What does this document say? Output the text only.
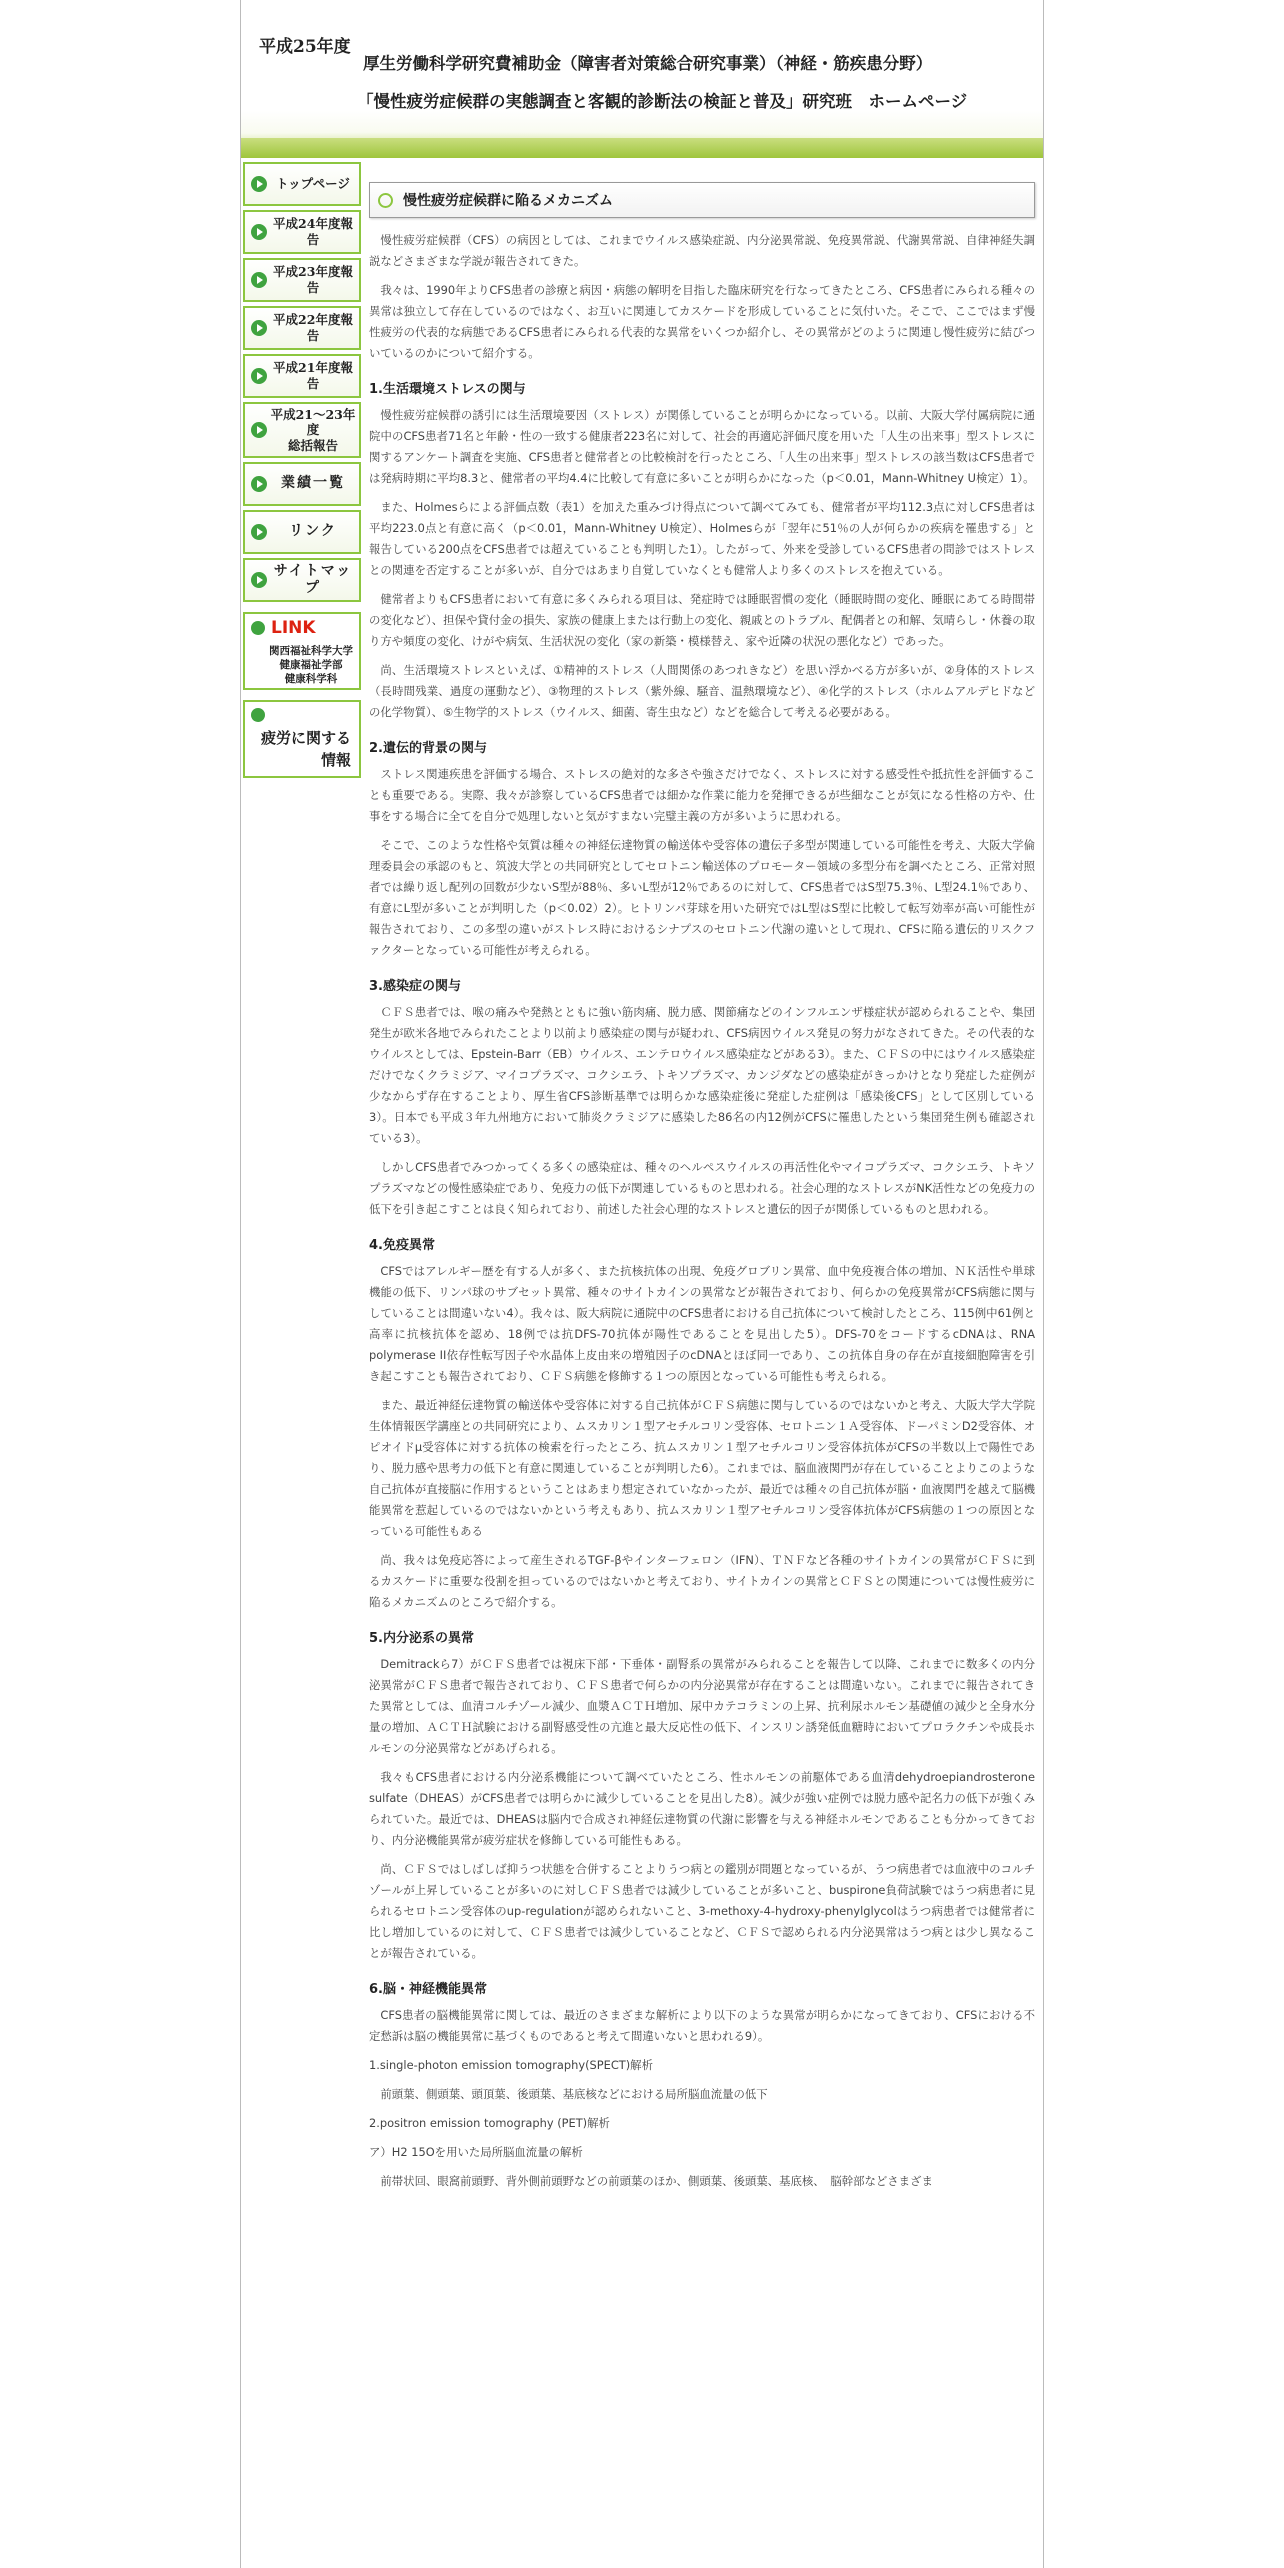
平成25年度
厚生労働科学研究費補助金（障害者対策総合研究事業）（神経・筋疾患分野）
「慢性疲労症候群の実態調査と客観的診断法の検証と普及」研究班　ホームページ
トップページ
平成24年度報告
平成23年度報告
平成22年度報告
平成21年度報告
平成21～23年度
総括報告
業績一覧
リンク
サイトマップ
LINK
関西福祉科学大学
健康福祉学部
健康科学科
疲労に関する
情報
慢性疲労症候群に陥るメカニズム

慢性疲労症候群（CFS）の病因としては、これまでウイルス感染症説、内分泌異常説、免疫異常説、代謝異常説、自律神経失調説などさまざまな学説が報告されてきた。

我々は、1990年よりCFS患者の診療と病因・病態の解明を目指した臨床研究を行なってきたところ、CFS患者にみられる種々の異常は独立して存在しているのではなく、お互いに関連してカスケードを形成していることに気付いた。そこで、ここではまず慢性疲労の代表的な病態であるCFS患者にみられる代表的な異常をいくつか紹介し、その異常がどのように関連し慢性疲労に結びついているのかについて紹介する。

1.生活環境ストレスの関与

慢性疲労症候群の誘引には生活環境要因（ストレス）が関係していることが明らかになっている。以前、大阪大学付属病院に通院中のCFS患者71名と年齢・性の一致する健康者223名に対して、社会的再適応評価尺度を用いた「人生の出来事」型ストレスに関するアンケート調査を実施、CFS患者と健常者との比較検討を行ったところ、「人生の出来事」型ストレスの該当数はCFS患者では発病時期に平均8.3と、健常者の平均4.4に比較して有意に多いことが明らかになった（p＜0.01，Mann-Whitney U検定）1）。

また、Holmesらによる評価点数（表1）を加えた重みづけ得点について調べてみても、健常者が平均112.3点に対しCFS患者は平均223.0点と有意に高く（p＜0.01，Mann-Whitney U検定）、Holmesらが「翌年に51％の人が何らかの疾病を罹患する」と報告している200点をCFS患者では超えていることも判明した1）。したがって、外来を受診しているCFS患者の問診ではストレスとの関連を否定することが多いが、自分ではあまり自覚していなくとも健常人より多くのストレスを抱えている。

健常者よりもCFS患者において有意に多くみられる項目は、発症時では睡眠習慣の変化（睡眠時間の変化、睡眠にあてる時間帯の変化など）、担保や貸付金の損失、家族の健康上または行動上の変化、親戚とのトラブル、配偶者との和解、気晴らし・休養の取り方や頻度の変化、けがや病気、生活状況の変化（家の新築・模様替え、家や近隣の状況の悪化など）であった。

尚、生活環境ストレスといえば、①精神的ストレス（人間関係のあつれきなど）を思い浮かべる方が多いが、②身体的ストレス（長時間残業、過度の運動など）、③物理的ストレス（紫外線、騒音、温熱環境など）、④化学的ストレス（ホルムアルデヒドなどの化学物質）、⑤生物学的ストレス（ウイルス、細菌、寄生虫など）などを総合して考える必要がある。

2.遺伝的背景の関与

ストレス関連疾患を評価する場合、ストレスの絶対的な多さや強さだけでなく、ストレスに対する感受性や抵抗性を評価することも重要である。実際、我々が診察しているCFS患者では細かな作業に能力を発揮できるが些細なことが気になる性格の方や、仕事をする場合に全てを自分で処理しないと気がすまない完璧主義の方が多いように思われる。

そこで、このような性格や気質は種々の神経伝達物質の輸送体や受容体の遺伝子多型が関連している可能性を考え、大阪大学倫理委員会の承認のもと、筑波大学との共同研究としてセロトニン輸送体のプロモーター領域の多型分布を調べたところ、正常対照者では繰り返し配列の回数が少ないS型が88％、多いL型が12％であるのに対して、CFS患者ではS型75.3％、L型24.1％であり、有意にL型が多いことが判明した（p＜0.02）2）。ヒトリンパ芽球を用いた研究ではL型はS型に比較して転写効率が高い可能性が報告されており、この多型の違いがストレス時におけるシナプスのセロトニン代謝の違いとして現れ、CFSに陥る遺伝的リスクファクターとなっている可能性が考えられる。

3.感染症の関与

ＣＦＳ患者では、喉の痛みや発熱とともに強い筋肉痛、脱力感、関節痛などのインフルエンザ様症状が認められることや、集団発生が欧米各地でみられたことより以前より感染症の関与が疑われ、CFS病因ウイルス発見の努力がなされてきた。その代表的なウイルスとしては、Epstein-Barr（EB）ウイルス、エンテロウイルス感染症などがある3）。また、ＣＦＳの中にはウイルス感染症だけでなくクラミジア、マイコプラズマ、コクシエラ、トキソプラズマ、カンジダなどの感染症がきっかけとなり発症した症例が少なからず存在することより、厚生省CFS診断基準では明らかな感染症後に発症した症例は「感染後CFS」として区別している3）。日本でも平成３年九州地方において肺炎クラミジアに感染した86名の内12例がCFSに罹患したという集団発生例も確認されている3）。

しかしCFS患者でみつかってくる多くの感染症は、種々のヘルペスウイルスの再活性化やマイコプラズマ、コクシエラ、トキソプラズマなどの慢性感染症であり、免疫力の低下が関連しているものと思われる。社会心理的なストレスがNK活性などの免疫力の低下を引き起こすことは良く知られており、前述した社会心理的なストレスと遺伝的因子が関係しているものと思われる。

4.免疫異常

CFSではアレルギー歴を有する人が多く、また抗核抗体の出現、免疫グロブリン異常、血中免疫複合体の増加、ＮＫ活性や単球機能の低下、リンパ球のサブセット異常、種々のサイトカインの異常などが報告されており、何らかの免疫異常がCFS病態に関与していることは間違いない4）。我々は、阪大病院に通院中のCFS患者における自己抗体について検討したところ、115例中61例と高率に抗核抗体を認め、18例では抗DFS-70抗体が陽性であることを見出した5）。DFS-70をコードするcDNAは、RNA polymerase II依存性転写因子や水晶体上皮由来の増殖因子のcDNAとほぼ同一であり、この抗体自身の存在が直接細胞障害を引き起こすことも報告されており、ＣＦＳ病態を修飾する１つの原因となっている可能性も考えられる。

また、最近神経伝達物質の輸送体や受容体に対する自己抗体がＣＦＳ病態に関与しているのではないかと考え、大阪大学大学院生体情報医学講座との共同研究により、ムスカリン１型アセチルコリン受容体、セロトニン１Ａ受容体、ドーパミンD2受容体、オピオイドμ受容体に対する抗体の検索を行ったところ、抗ムスカリン１型アセチルコリン受容体抗体がCFSの半数以上で陽性であり、脱力感や思考力の低下と有意に関連していることが判明した6）。これまでは、脳血液関門が存在していることよりこのような自己抗体が直接脳に作用するということはあまり想定されていなかったが、最近では種々の自己抗体が脳・血液関門を越えて脳機能異常を惹起しているのではないかという考えもあり、抗ムスカリン１型アセチルコリン受容体抗体がCFS病態の１つの原因となっている可能性もある

尚、我々は免疫応答によって産生されるTGF-βやインターフェロン（IFN）、ＴＮＦなど各種のサイトカインの異常がＣＦＳに到るカスケードに重要な役割を担っているのではないかと考えており、サイトカインの異常とＣＦＳとの関連については慢性疲労に陥るメカニズムのところで紹介する。

5.内分泌系の異常

Demitrackら7）がＣＦＳ患者では視床下部・下垂体・副腎系の異常がみられることを報告して以降、これまでに数多くの内分泌異常がＣＦＳ患者で報告されており、ＣＦＳ患者で何らかの内分泌異常が存在することは間違いない。これまでに報告されてきた異常としては、血清コルチゾール減少、血漿ＡＣＴＨ増加、尿中カテコラミンの上昇、抗利尿ホルモン基礎値の減少と全身水分量の増加、ＡＣＴＨ試験における副腎感受性の亢進と最大反応性の低下、インスリン誘発低血糖時においてプロラクチンや成長ホルモンの分泌異常などがあげられる。

我々もCFS患者における内分泌系機能について調べていたところ、性ホルモンの前駆体である血清dehydroepiandrosterone sulfate（DHEAS）がCFS患者では明らかに減少していることを見出した8）。減少が強い症例では脱力感や記名力の低下が強くみられていた。最近では、DHEASは脳内で合成され神経伝達物質の代謝に影響を与える神経ホルモンであることも分かってきており、内分泌機能異常が疲労症状を修飾している可能性もある。

尚、ＣＦＳではしばしば抑うつ状態を合併することよりうつ病との鑑別が問題となっているが、うつ病患者では血液中のコルチゾールが上昇していることが多いのに対しＣＦＳ患者では減少していることが多いこと、buspirone負荷試験ではうつ病患者に見られるセロトニン受容体のup-regulationが認められないこと、3-methoxy-4-hydroxy-phenylglycolはうつ病患者では健常者に比し増加しているのに対して、ＣＦＳ患者では減少していることなど、ＣＦＳで認められる内分泌異常はうつ病とは少し異なることが報告されている。

6.脳・神経機能異常

CFS患者の脳機能異常に関しては、最近のさまざまな解析により以下のような異常が明らかになってきており、CFSにおける不定愁訴は脳の機能異常に基づくものであると考えて間違いないと思われる9）。

1.single-photon emission tomography(SPECT)解析

前頭葉、側頭葉、頭頂葉、後頭葉、基底核などにおける局所脳血流量の低下

2.positron emission tomography (PET)解析

ア）H2 15Oを用いた局所脳血流量の解析

前帯状回、眼窩前頭野、背外側前頭野などの前頭葉のほか、側頭葉、後頭葉、基底核、　脳幹部などさまざま
